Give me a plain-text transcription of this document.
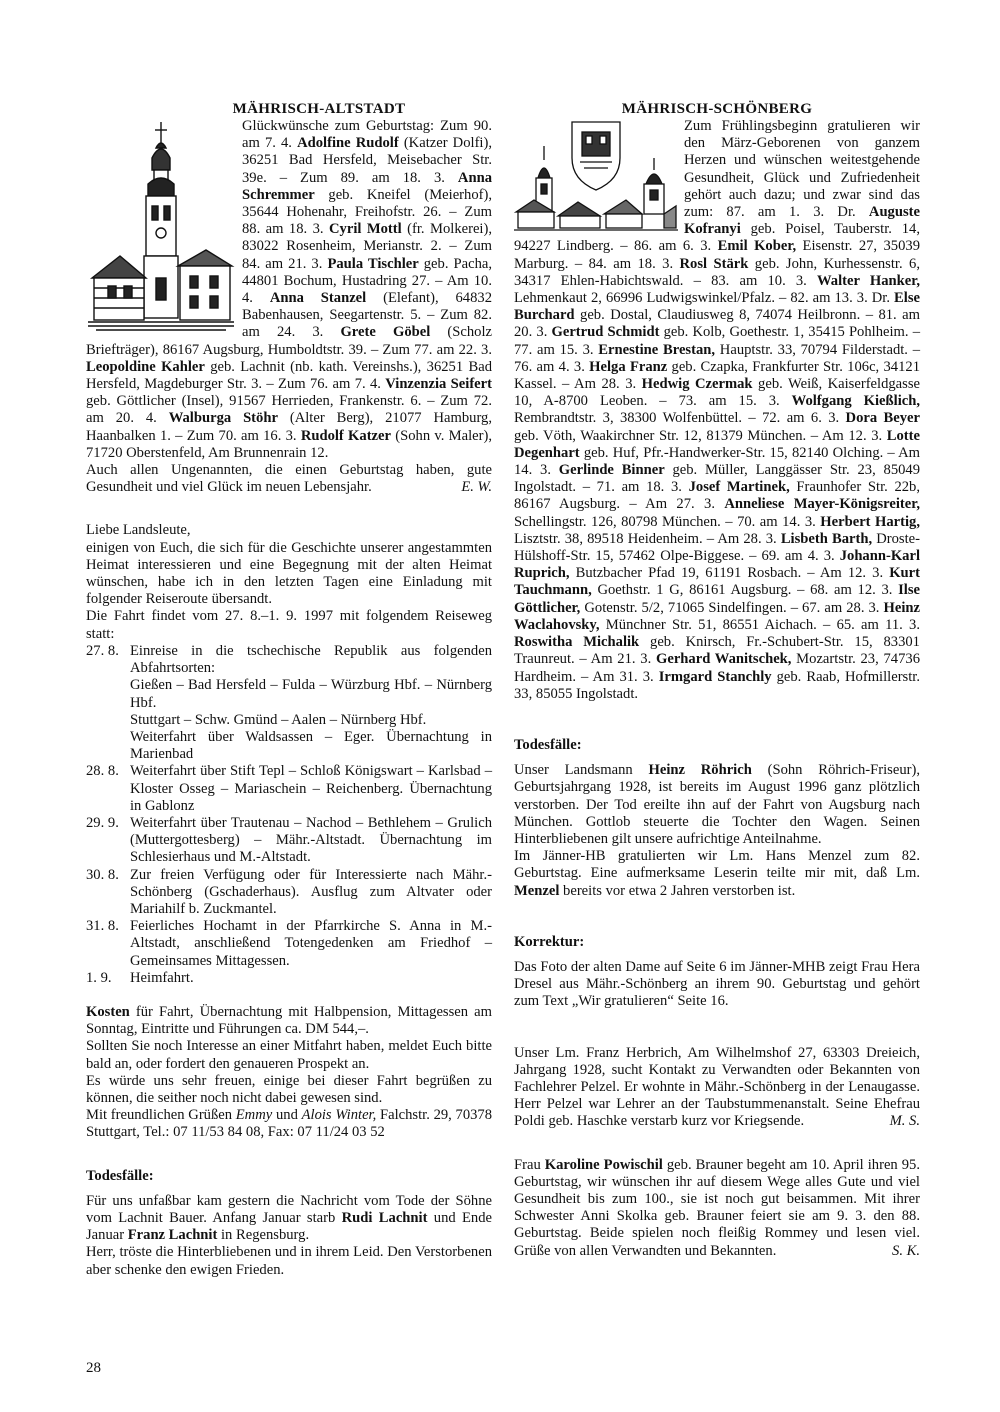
MÄHRISCH-ALTSTADT

Glückwünsche zum Geburtstag: Zum 90. am 7. 4. Adolfine Rudolf (Katzer Dolfi), 36251 Bad Hersfeld, Meisebacher Str. 39e. – Zum 89. am 18. 3. Anna Schremmer geb. Kneifel (Meierhof), 35644 Hohenahr, Freihofstr. 26. – Zum 88. am 18. 3. Cyril Mottl (fr. Molkerei), 83022 Rosenheim, Merianstr. 2. – Zum 84. am 21. 3. Paula Tischler geb. Pacha, 44801 Bochum, Hustadring 27. – Am 10. 4. Anna Stanzel (Elefant), 64832 Babenhausen, Seegartenstr. 5. – Zum 82. am 24. 3. Grete Göbel (Scholz Briefträger), 86167 Augsburg, Humboldtstr. 39. – Zum 77. am 22. 3. Leopoldine Kahler geb. Lachnit (nb. kath. Vereinshs.), 36251 Bad Hersfeld, Magdeburger Str. 3. – Zum 76. am 7. 4. Vinzenzia Seifert geb. Göttlicher (Insel), 91567 Herrieden, Frankenstr. 6. – Zum 72. am 20. 4. Walburga Stöhr (Alter Berg), 21077 Hamburg, Haanbalken 1. – Zum 70. am 16. 3. Rudolf Katzer (Sohn v. Maler), 71720 Oberstenfeld, Am Brunnenrain 12.

Auch allen Ungenannten, die einen Geburtstag haben, gute Gesundheit und viel Glück im neuen Lebensjahr.	E. W.

Liebe Landsleute,

einigen von Euch, die sich für die Geschichte unserer angestammten Heimat interessieren und eine Begegnung mit der alten Heimat wünschen, habe ich in den letzten Tagen eine Einladung mit folgender Reiseroute übersandt.

Die Fahrt findet vom 27. 8.–1. 9. 1997 mit folgendem Reiseweg statt:

27. 8. Einreise in die tschechische Republik aus folgenden Abfahrtsorten:
Gießen – Bad Hersfeld – Fulda – Würzburg Hbf. – Nürnberg Hbf.
Stuttgart – Schw. Gmünd – Aalen – Nürnberg Hbf.
Weiterfahrt über Waldsassen – Eger. Übernachtung in Marienbad
28. 8. Weiterfahrt über Stift Tepl – Schloß Königswart – Karlsbad – Kloster Osseg – Mariaschein – Reichenberg. Übernachtung in Gablonz
29. 9. Weiterfahrt über Trautenau – Nachod – Bethlehem – Grulich (Muttergottesberg) – Mähr.-Altstadt. Übernachtung im Schlesierhaus und M.-Altstadt.
30. 8. Zur freien Verfügung oder für Interessierte nach Mähr.-Schönberg (Gschaderhaus). Ausflug zum Altvater oder Mariahilf b. Zuckmantel.
31. 8. Feierliches Hochamt in der Pfarrkirche S. Anna in M.-Altstadt, anschließend Totengedenken am Friedhof – Gemeinsames Mittagessen.
1. 9. Heimfahrt.

Kosten für Fahrt, Übernachtung mit Halbpension, Mittagessen am Sonntag, Eintritte und Führungen ca. DM 544,–.

Sollten Sie noch Interesse an einer Mitfahrt haben, meldet Euch bitte bald an, oder fordert den genaueren Prospekt an.

Es würde uns sehr freuen, einige bei dieser Fahrt begrüßen zu können, die seither noch nicht dabei gewesen sind.

Mit freundlichen Grüßen Emmy und Alois Winter, Falchstr. 29, 70378 Stuttgart, Tel.: 07 11/53 84 08, Fax: 07 11/24 03 52

Todesfälle:

Für uns unfaßbar kam gestern die Nachricht vom Tode der Söhne vom Lachnit Bauer. Anfang Januar starb Rudi Lachnit und Ende Januar Franz Lachnit in Regensburg.

Herr, tröste die Hinterbliebenen und in ihrem Leid. Den Verstorbenen aber schenke den ewigen Frieden.

MÄHRISCH-SCHÖNBERG

Zum Frühlingsbeginn gratulieren wir den März-Geborenen von ganzem Herzen und wünschen weitestgehende Gesundheit, Glück und Zufriedenheit gehört auch dazu; und zwar sind das zum: 87. am 1. 3. Dr. Auguste Kofranyi geb. Poisel, Tauberstr. 14, 94227 Lindberg. – 86. am 6. 3. Emil Kober, Eisenstr. 27, 35039 Marburg. – 84. am 18. 3. Rosl Stärk geb. John, Kurhessenstr. 6, 34317 Ehlen-Habichtswald. – 83. am 10. 3. Walter Hanker, Lehmenkaut 2, 66996 Ludwigswinkel/Pfalz. – 82. am 13. 3. Dr. Else Burchard geb. Dostal, Claudiusweg 8, 74074 Heilbronn. – 81. am 20. 3. Gertrud Schmidt geb. Kolb, Goethestr. 1, 35415 Pohlheim. – 77. am 15. 3. Ernestine Brestan, Hauptstr. 33, 70794 Filderstadt. – 76. am 4. 3. Helga Franz geb. Czapka, Frankfurter Str. 106c, 34121 Kassel. – Am 28. 3. Hedwig Czermak geb. Weiß, Kaiserfeldgasse 10, A-8700 Leoben. – 73. am 15. 3. Wolfgang Kießlich, Rembrandtstr. 3, 38300 Wolfenbüttel. – 72. am 6. 3. Dora Beyer geb. Vöth, Waakirchner Str. 12, 81379 München. – Am 12. 3. Lotte Degenhart geb. Huf, Pfr.-Handwerker-Str. 15, 82140 Olching. – Am 14. 3. Gerlinde Binner geb. Müller, Langgässer Str. 23, 85049 Ingolstadt. – 71. am 18. 3. Josef Martinek, Fraunhofer Str. 22b, 86167 Augsburg. – Am 27. 3. Anneliese Mayer-Königsreiter, Schellingstr. 126, 80798 München. – 70. am 14. 3. Herbert Hartig, Lisztstr. 38, 89518 Heidenheim. – Am 28. 3. Lisbeth Barth, Droste-Hülshoff-Str. 15, 57462 Olpe-Biggese. – 69. am 4. 3. Johann-Karl Ruprich, Butzbacher Pfad 19, 61191 Rosbach. – Am 12. 3. Kurt Tauchmann, Goethstr. 1 G, 86161 Augsburg. – 68. am 12. 3. Ilse Göttlicher, Gotenstr. 5/2, 71065 Sindelfingen. – 67. am 28. 3. Heinz Waclahovsky, Münchner Str. 51, 86551 Aichach. – 65. am 11. 3. Roswitha Michalik geb. Knirsch, Fr.-Schubert-Str. 15, 83301 Traunreut. – Am 21. 3. Gerhard Wanitschek, Mozartstr. 23, 74736 Hardheim. – Am 31. 3. Irmgard Stanchly geb. Raab, Hofmillerstr. 33, 85055 Ingolstadt.

Todesfälle:

Unser Landsmann Heinz Röhrich (Sohn Röhrich-Friseur), Geburtsjahrgang 1928, ist bereits im August 1996 ganz plötzlich verstorben. Der Tod ereilte ihn auf der Fahrt von Augsburg nach München. Gottlob steuerte die Tochter den Wagen. Seinen Hinterbliebenen gilt unsere aufrichtige Anteilnahme.

Im Jänner-HB gratulierten wir Lm. Hans Menzel zum 82. Geburtstag. Eine aufmerksame Leserin teilte mir mit, daß Lm. Menzel bereits vor etwa 2 Jahren verstorben ist.

Korrektur:

Das Foto der alten Dame auf Seite 6 im Jänner-MHB zeigt Frau Hera Dresel aus Mähr.-Schönberg an ihrem 90. Geburtstag und gehört zum Text „Wir gratulieren“ Seite 16.

Unser Lm. Franz Herbrich, Am Wilhelmshof 27, 63303 Dreieich, Jahrgang 1928, sucht Kontakt zu Verwandten oder Bekannten von Fachlehrer Pelzel. Er wohnte in Mähr.-Schönberg in der Lenaugasse. Herr Pelzel war Lehrer an der Taubstummenanstalt. Seine Ehefrau Poldi geb. Haschke verstarb kurz vor Kriegsende.	M. S.

Frau Karoline Powischil geb. Brauner begeht am 10. April ihren 95. Geburtstag, wir wünschen ihr auf diesem Wege alles Gute und viel Gesundheit bis zum 100., sie ist noch gut beisammen. Mit ihrer Schwester Anni Skolka geb. Brauner feiert sie am 9. 3. den 88. Geburtstag. Beide spielen noch fleißig Rommey und lesen viel. Grüße von allen Verwandten und Bekannten.	S. K.

28
